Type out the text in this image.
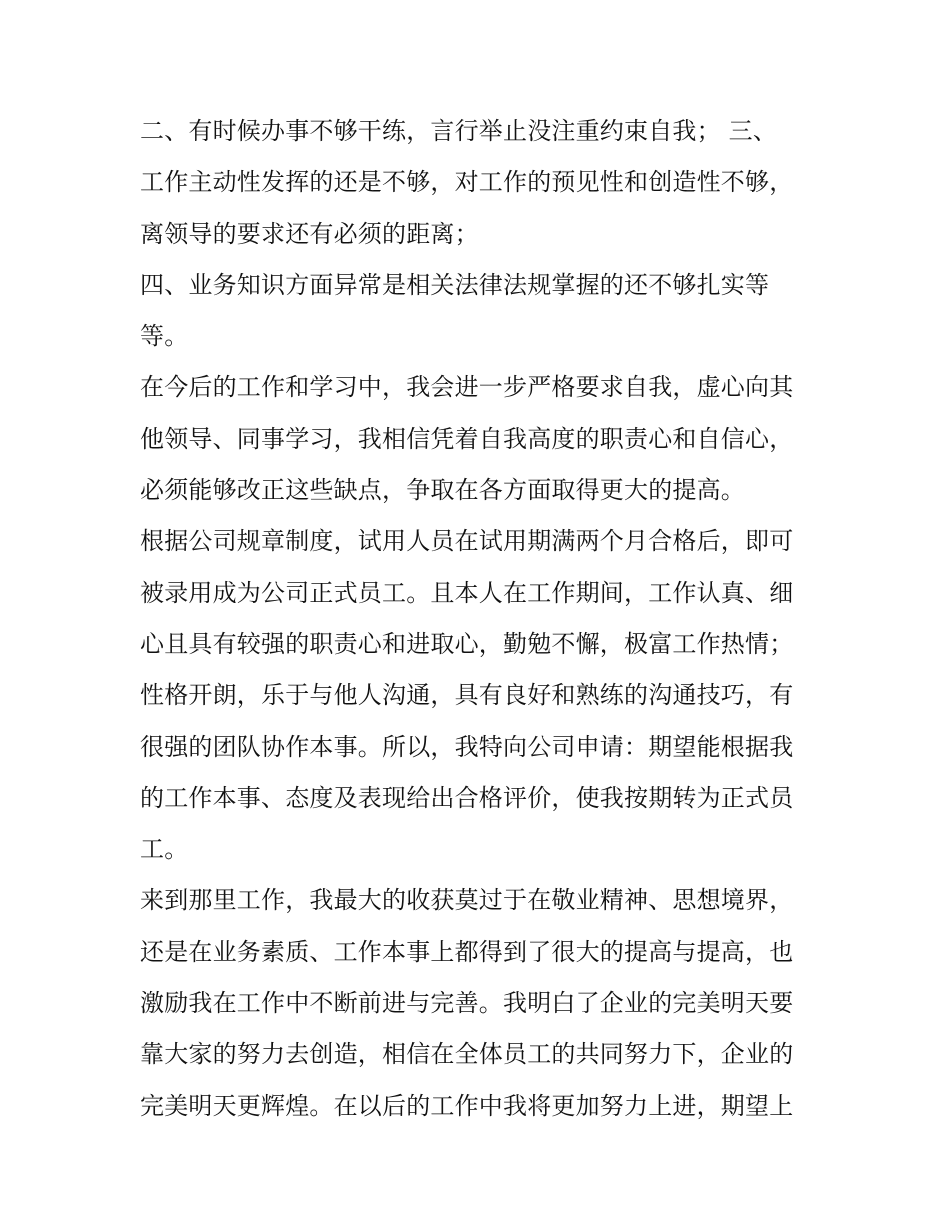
二、有时候办事不够干练，言行举止没注重约束自我； 三、
工作主动性发挥的还是不够，对工作的预见性和创造性不够，
离领导的要求还有必须的距离；
四、业务知识方面异常是相关法律法规掌握的还不够扎实等
等。
在今后的工作和学习中，我会进一步严格要求自我，虚心向其
他领导、同事学习，我相信凭着自我高度的职责心和自信心，
必须能够改正这些缺点，争取在各方面取得更大的提高。
根据公司规章制度，试用人员在试用期满两个月合格后，即可
被录用成为公司正式员工。且本人在工作期间，工作认真、细
心且具有较强的职责心和进取心，勤勉不懈，极富工作热情；
性格开朗，乐于与他人沟通，具有良好和熟练的沟通技巧，有
很强的团队协作本事。所以，我特向公司申请：期望能根据我
的工作本事、态度及表现给出合格评价，使我按期转为正式员
工。
来到那里工作，我最大的收获莫过于在敬业精神、思想境界，
还是在业务素质、工作本事上都得到了很大的提高与提高，也
激励我在工作中不断前进与完善。我明白了企业的完美明天要
靠大家的努力去创造，相信在全体员工的共同努力下，企业的
完美明天更辉煌。在以后的工作中我将更加努力上进，期望上
